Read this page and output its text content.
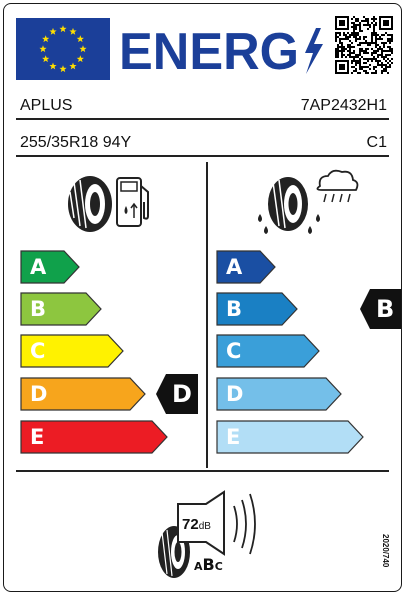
ENERG
APLUS	7AP2432H1
255/35R18 94Y	C1
A
B
C
D
E
D
A
B
C
D
E
B
72dB
ABC	2020/740
